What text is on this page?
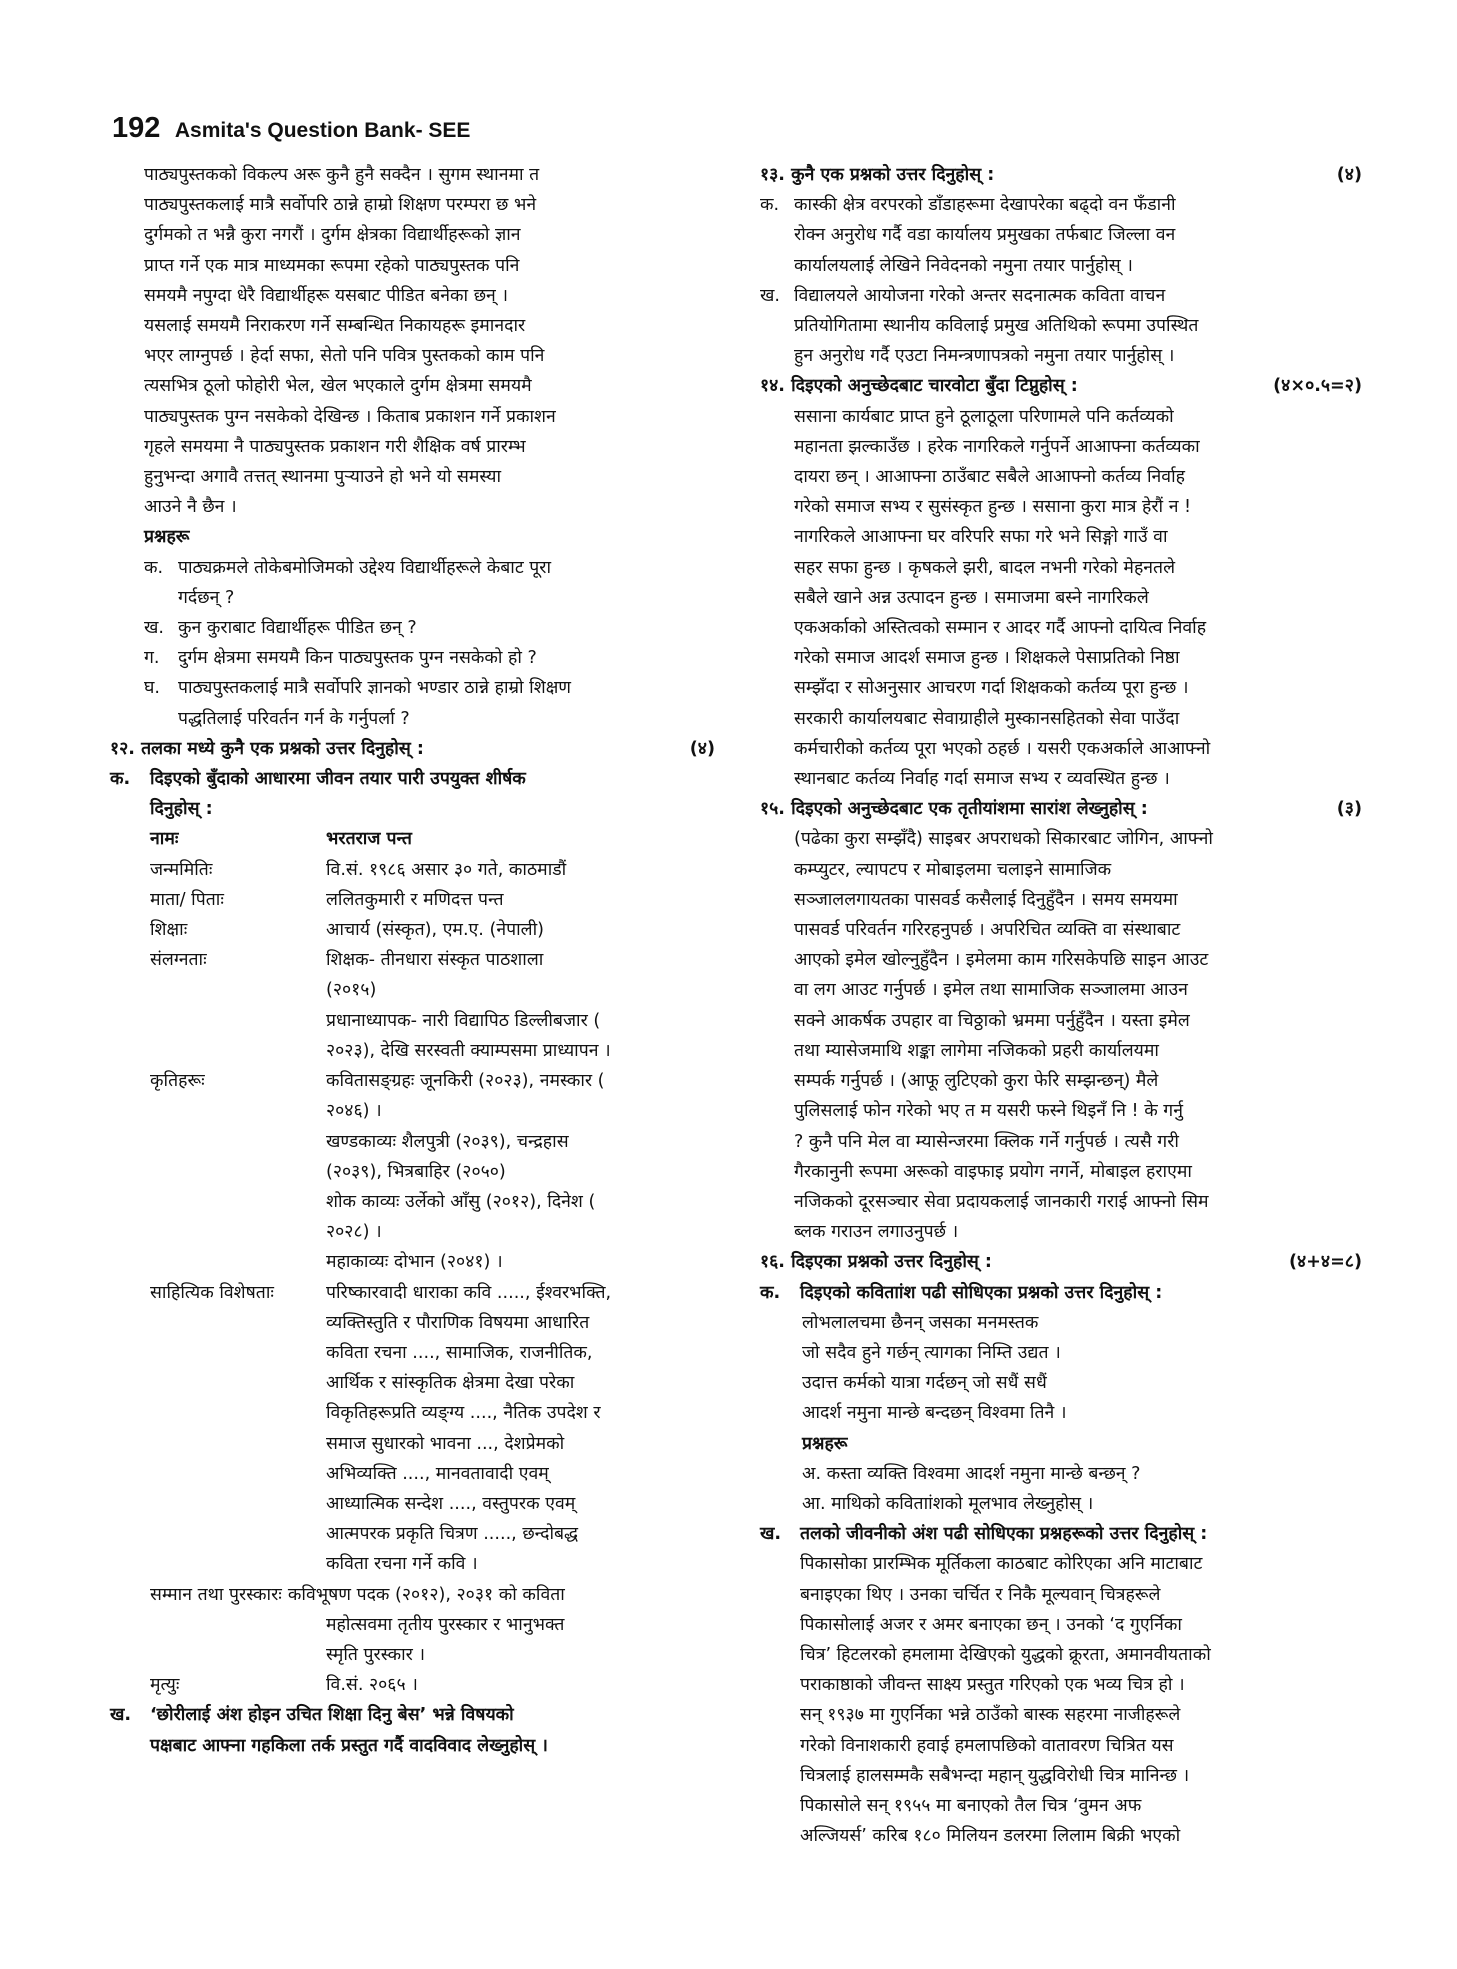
192 Asmita's Question Bank- SEE

पाठ्यपुस्तकको विकल्प अरू कुनै हुनै सक्दैन । सुगम स्थानमा त

पाठ्यपुस्तकलाई मात्रै सर्वोपरि ठान्ने हाम्रो शिक्षण परम्परा छ भने

दुर्गमको त भन्नै कुरा नगरौं । दुर्गम क्षेत्रका विद्यार्थीहरूको ज्ञान

प्राप्त गर्ने एक मात्र माध्यमका रूपमा रहेको पाठ्यपुस्तक पनि

समयमै नपुग्दा धेरै विद्यार्थीहरू यसबाट पीडित बनेका छन् ।

यसलाई समयमै निराकरण गर्ने सम्बन्धित निकायहरू इमानदार

भएर लाग्नुपर्छ । हेर्दा सफा, सेतो पनि पवित्र पुस्तकको काम पनि

त्यसभित्र ठूलो फोहोरी भेल, खेल भएकाले दुर्गम क्षेत्रमा समयमै

पाठ्यपुस्तक पुग्न नसकेको देखिन्छ । किताब प्रकाशन गर्ने प्रकाशन

गृहले समयमा नै पाठ्यपुस्तक प्रकाशन गरी शैक्षिक वर्ष प्रारम्भ

हुनुभन्दा अगावै तत्तत् स्थानमा पुऱ्याउने हो भने यो समस्या

आउने नै छैन ।

प्रश्नहरू

क. पाठ्यक्रमले तोकेबमोजिमको उद्देश्य विद्यार्थीहरूले केबाट पूरा

गर्दछन् ?

ख. कुन कुराबाट विद्यार्थीहरू पीडित छन् ?

ग.	दुर्गम क्षेत्रमा समयमै किन पाठ्यपुस्तक पुग्न नसकेको हो ?

घ.	पाठ्यपुस्तकलाई मात्रै सर्वोपरि ज्ञानको भण्डार ठान्ने हाम्रो शिक्षण

पद्धतिलाई परिवर्तन गर्न के गर्नुपर्ला ?

१२. तलका मध्ये कुनै एक प्रश्नको उत्तर दिनुहोस् :	(४)
क.	दिइएको बुँदाको आधारमा जीवन तयार पारी उपयुक्त शीर्षक

दिनुहोस् :

नामः	भरतराज पन्त
जन्ममितिः	वि.सं. १९८६ असार ३० गते, काठमाडौं
माता/ पिताः	ललितकुमारी र मणिदत्त पन्त
शिक्षाः	आचार्य (संस्कृत), एम.ए. (नेपाली)
संलग्नताः	शिक्षक- तीनधारा संस्कृत पाठशाला

(२०१५)

प्रधानाध्यापक- नारी विद्यापिठ डिल्लीबजार (

२०२३), देखि सरस्वती क्याम्पसमा प्राध्यापन ।

कृतिहरूः	कवितासङ्ग्रहः जूनकिरी (२०२३), नमस्कार (

२०४६) ।

खण्डकाव्यः शैलपुत्री (२०३९), चन्द्रहास

(२०३९), भित्रबाहिर (२०५०)

शोक काव्यः उर्लेको आँसु (२०१२), दिनेश (

२०२८) ।

महाकाव्यः दोभान (२०४१) ।

साहित्यिक विशेषताः	परिष्कारवादी धाराका कवि ....., ईश्वरभक्ति,

व्यक्तिस्तुति र पौराणिक विषयमा आधारित

कविता रचना ...., सामाजिक, राजनीतिक,

आर्थिक र सांस्कृतिक क्षेत्रमा देखा परेका

विकृतिहरूप्रति व्यङ्ग्य ...., नैतिक उपदेश र

समाज सुधारको भावना ..., देशप्रेमको

अभिव्यक्ति ...., मानवतावादी एवम्

आध्यात्मिक सन्देश ...., वस्तुपरक एवम्

आत्मपरक प्रकृति चित्रण ....., छन्दोबद्ध

कविता रचना गर्ने कवि ।

सम्मान तथा पुरस्कारः कविभूषण पदक (२०१२), २०३१ को कविता

महोत्सवमा तृतीय पुरस्कार र भानुभक्त

स्मृति पुरस्कार ।

मृत्युः	वि.सं. २०६५ ।
ख.	‘छोरीलाई अंश होइन उचित शिक्षा दिनु बेस’ भन्ने विषयको

पक्षबाट आफ्ना गहकिला तर्क प्रस्तुत गर्दै वादविवाद लेख्नुहोस् ।

१३. कुनै एक प्रश्नको उत्तर दिनुहोस् :	(४)
क. कास्की क्षेत्र वरपरको डाँडाहरूमा देखापरेका बढ्दो वन फँडानी

रोक्न अनुरोध गर्दै वडा कार्यालय प्रमुखका तर्फबाट जिल्ला वन

कार्यालयलाई लेखिने निवेदनको नमुना तयार पार्नुहोस् ।

ख. विद्यालयले आयोजना गरेको अन्तर सदनात्मक कविता वाचन

प्रतियोगितामा स्थानीय कविलाई प्रमुख अतिथिको रूपमा उपस्थित

हुन अनुरोध गर्दै एउटा निमन्त्रणापत्रको नमुना तयार पार्नुहोस् ।

१४. दिइएको अनुच्छेदबाट चारवोटा बुँदा टिप्नुहोस् :	(४×०.५=२)

ससाना कार्यबाट प्राप्त हुने ठूलाठूला परिणामले पनि कर्तव्यको

महानता झल्काउँछ । हरेक नागरिकले गर्नुपर्ने आआफ्ना कर्तव्यका

दायरा छन् । आआफ्ना ठाउँबाट सबैले आआफ्नो कर्तव्य निर्वाह

गरेको समाज सभ्य र सुसंस्कृत हुन्छ । ससाना कुरा मात्र हेरौं न !

नागरिकले आआफ्ना घर वरिपरि सफा गरे भने सिङ्गो गाउँ वा

सहर सफा हुन्छ । कृषकले झरी, बादल नभनी गरेको मेहनतले

सबैले खाने अन्न उत्पादन हुन्छ । समाजमा बस्ने नागरिकले

एकअर्काको अस्तित्वको सम्मान र आदर गर्दै आफ्नो दायित्व निर्वाह

गरेको समाज आदर्श समाज हुन्छ । शिक्षकले पेसाप्रतिको निष्ठा

सम्झँदा र सोअनुसार आचरण गर्दा शिक्षकको कर्तव्य पूरा हुन्छ ।

सरकारी कार्यालयबाट सेवाग्राहीले मुस्कानसहितको सेवा पाउँदा

कर्मचारीको कर्तव्य पूरा भएको ठहर्छ । यसरी एकअर्काले आआफ्नो

स्थानबाट कर्तव्य निर्वाह गर्दा समाज सभ्य र व्यवस्थित हुन्छ ।

१५. दिइएको अनुच्छेदबाट एक तृतीयांशमा सारांश लेख्नुहोस् :	(३)

(पढेका कुरा सम्झँदै) साइबर अपराधको सिकारबाट जोगिन, आफ्नो

कम्प्युटर, ल्यापटप र मोबाइलमा चलाइने सामाजिक

सञ्जाललगायतका पासवर्ड कसैलाई दिनुहुँदैन । समय समयमा

पासवर्ड परिवर्तन गरिरहनुपर्छ । अपरिचित व्यक्ति वा संस्थाबाट

आएको इमेल खोल्नुहुँदैन । इमेलमा काम गरिसकेपछि साइन आउट

वा लग आउट गर्नुपर्छ । इमेल तथा सामाजिक सञ्जालमा आउन

सक्ने आकर्षक उपहार वा चिठ्ठाको भ्रममा पर्नुहुँदैन । यस्ता इमेल

तथा म्यासेजमाथि शङ्का लागेमा नजिकको प्रहरी कार्यालयमा

सम्पर्क गर्नुपर्छ । (आफू लुटिएको कुरा फेरि सम्झन्छन्) मैले

पुलिसलाई फोन गरेको भए त म यसरी फस्ने थिइनँ नि ! के गर्नु

? कुनै पनि मेल वा म्यासेन्जरमा क्लिक गर्ने गर्नुपर्छ । त्यसै गरी

गैरकानुनी रूपमा अरूको वाइफाइ प्रयोग नगर्ने, मोबाइल हराएमा

नजिकको दूरसञ्चार सेवा प्रदायकलाई जानकारी गराई आफ्नो सिम

ब्लक गराउन लगाउनुपर्छ ।

१६. दिइएका प्रश्नको उत्तर दिनुहोस् :	(४+४=८)
क.	दिइएको कविताांश पढी सोधिएका प्रश्नको उत्तर दिनुहोस् :

लोभलालचमा छैनन् जसका मनमस्तक

जो सदैव हुने गर्छन् त्यागका निम्ति उद्यत ।

उदात्त कर्मको यात्रा गर्दछन् जो सधैं सधैं

आदर्श नमुना मान्छे बन्दछन् विश्वमा तिनै ।

प्रश्नहरू

अ. कस्ता व्यक्ति विश्वमा आदर्श नमुना मान्छे बन्छन् ?

आ. माथिको कविताांशको मूलभाव लेख्नुहोस् ।

ख.	तलको जीवनीको अंश पढी सोधिएका प्रश्नहरूको उत्तर दिनुहोस् :

पिकासोका प्रारम्भिक मूर्तिकला काठबाट कोरिएका अनि माटाबाट

बनाइएका थिए । उनका चर्चित र निकै मूल्यवान् चित्रहरूले

पिकासोलाई अजर र अमर बनाएका छन् । उनको ‘द गुएर्निका

चित्र’ हिटलरको हमलामा देखिएको युद्धको क्रूरता, अमानवीयताको

पराकाष्ठाको जीवन्त साक्ष्य प्रस्तुत गरिएको एक भव्य चित्र हो ।

सन् १९३७ मा गुएर्निका भन्ने ठाउँको बास्क सहरमा नाजीहरूले

गरेको विनाशकारी हवाई हमलापछिको वातावरण चित्रित यस

चित्रलाई हालसम्मकै सबैभन्दा महान् युद्धविरोधी चित्र मानिन्छ ।

पिकासोले सन् १९५५ मा बनाएको तैल चित्र ‘वुमन अफ

अल्जियर्स’ करिब १८० मिलियन डलरमा लिलाम बिक्री भएको
